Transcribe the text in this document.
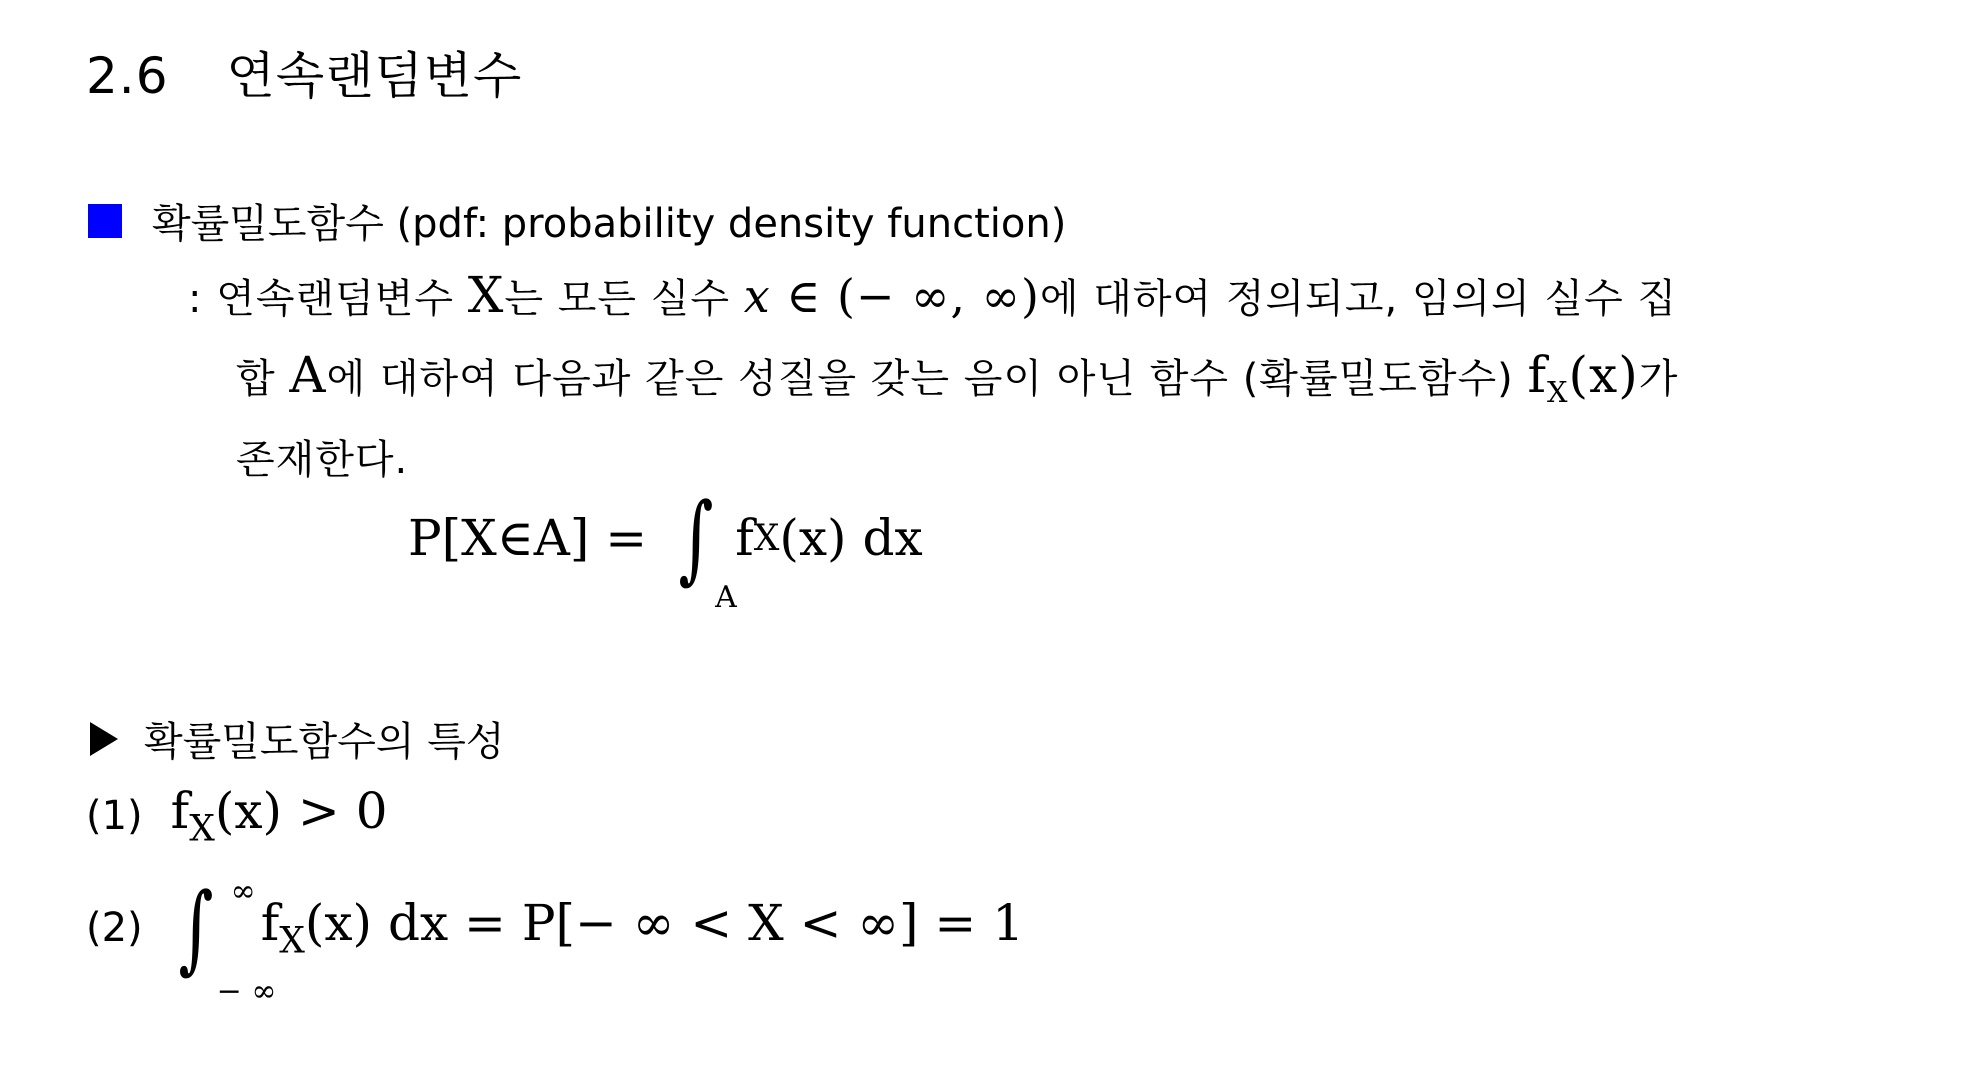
2.6 연속랜덤변수
확률밀도함수 (pdf: probability density function)
: 연속랜덤변수 X는 모든 실수 x ∈ (− ∞, ∞)에 대하여 정의되고, 임의의 실수 집
합 A에 대하여 다음과 같은 성질을 갖는 음이 아닌 함수 (확률밀도함수) $f_X(x)$가
존재한다.
P[X∈A] = ∫
A
f X (x) dx
확률밀도함수의 특성
(1) $f_X(x) > 0$
(2) ∫ ∞
− ∞
$f_X(x)$ dx = P[− ∞ < X < ∞] = 1
